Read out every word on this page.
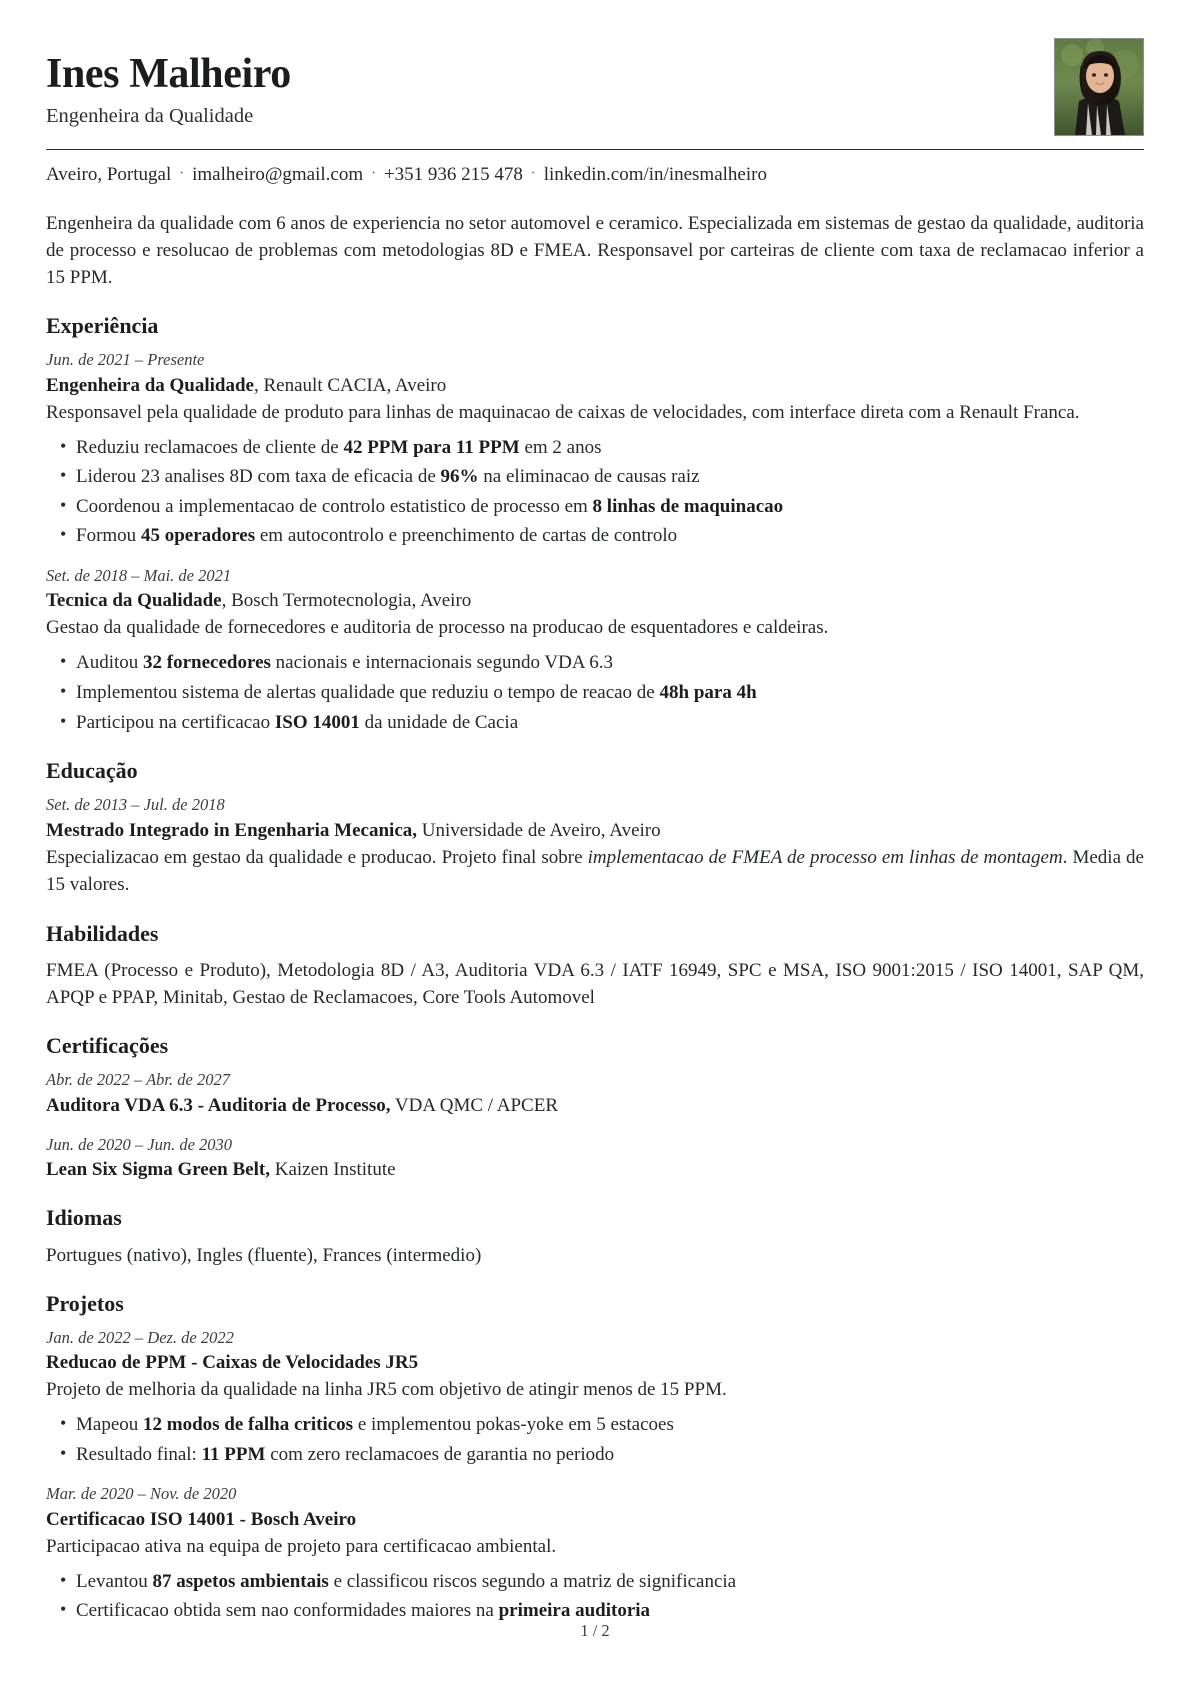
Ines Malheiro
Engenheira da Qualidade
Aveiro, Portugal · imalheiro@gmail.com · +351 936 215 478 · linkedin.com/in/inesmalheiro
Engenheira da qualidade com 6 anos de experiencia no setor automovel e ceramico. Especializada em sistemas de gestao da qualidade, auditoria de processo e resolucao de problemas com metodologias 8D e FMEA. Responsavel por carteiras de cliente com taxa de reclamacao inferior a 15 PPM.
Experiência
Jun. de 2021 – Presente
Engenheira da Qualidade, Renault CACIA, Aveiro
Responsavel pela qualidade de produto para linhas de maquinacao de caixas de velocidades, com interface direta com a Renault Franca.
• Reduziu reclamacoes de cliente de 42 PPM para 11 PPM em 2 anos
• Liderou 23 analises 8D com taxa de eficacia de 96% na eliminacao de causas raiz
• Coordenou a implementacao de controlo estatistico de processo em 8 linhas de maquinacao
• Formou 45 operadores em autocontrolo e preenchimento de cartas de controlo
Set. de 2018 – Mai. de 2021
Tecnica da Qualidade, Bosch Termotecnologia, Aveiro
Gestao da qualidade de fornecedores e auditoria de processo na producao de esquentadores e caldeiras.
• Auditou 32 fornecedores nacionais e internacionais segundo VDA 6.3
• Implementou sistema de alertas qualidade que reduziu o tempo de reacao de 48h para 4h
• Participou na certificacao ISO 14001 da unidade de Cacia
Educação
Set. de 2013 – Jul. de 2018
Mestrado Integrado in Engenharia Mecanica, Universidade de Aveiro, Aveiro
Especializacao em gestao da qualidade e producao. Projeto final sobre implementacao de FMEA de processo em linhas de montagem. Media de 15 valores.
Habilidades
FMEA (Processo e Produto), Metodologia 8D / A3, Auditoria VDA 6.3 / IATF 16949, SPC e MSA, ISO 9001:2015 / ISO 14001, SAP QM, APQP e PPAP, Minitab, Gestao de Reclamacoes, Core Tools Automovel
Certificações
Abr. de 2022 – Abr. de 2027
Auditora VDA 6.3 - Auditoria de Processo, VDA QMC / APCER
Jun. de 2020 – Jun. de 2030
Lean Six Sigma Green Belt, Kaizen Institute
Idiomas
Portugues (nativo), Ingles (fluente), Frances (intermedio)
Projetos
Jan. de 2022 – Dez. de 2022
Reducao de PPM - Caixas de Velocidades JR5
Projeto de melhoria da qualidade na linha JR5 com objetivo de atingir menos de 15 PPM.
• Mapeou 12 modos de falha criticos e implementou pokas-yoke em 5 estacoes
• Resultado final: 11 PPM com zero reclamacoes de garantia no periodo
Mar. de 2020 – Nov. de 2020
Certificacao ISO 14001 - Bosch Aveiro
Participacao ativa na equipa de projeto para certificacao ambiental.
• Levantou 87 aspetos ambientais e classificou riscos segundo a matriz de significancia
• Certificacao obtida sem nao conformidades maiores na primeira auditoria
1 / 2
